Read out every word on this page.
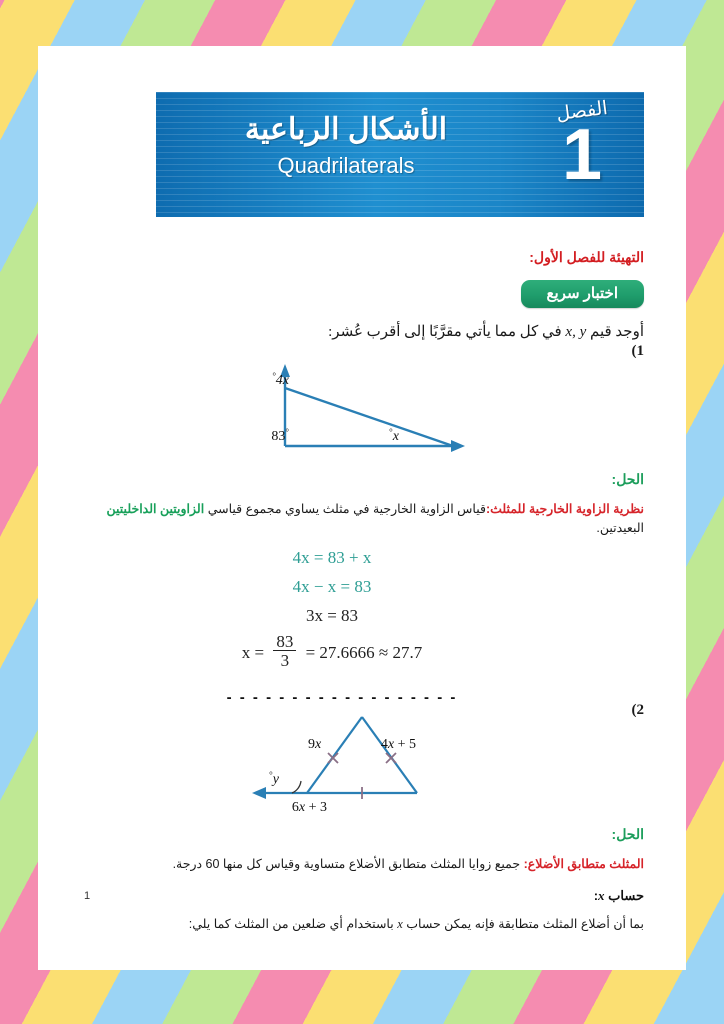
الأشكال الرباعية
Quadrilaterals
الفصل
1
التهيئة للفصل الأول:
اختبار سريع
أوجد قيم x, y في كل مما يأتي مقرَّبًا إلى أقرب عُشر:
(1
4x°
83°	x°
الحل:
نظرية الزاوية الخارجية للمثلث:قياس الزاوية الخارجية في مثلث يساوي مجموع قياسي الزاويتين الداخليتين البعيدتين.
4x = 83 + x
4x − x = 83
3x = 83
$x = \frac{83}{3} = 27.6666 \approx 27.7$
- - - - - - - - - - - - - - - - - -
(2
9x	4x + 5
6x + 3
y°
الحل:
المثلث متطابق الأضلاع: جميع زوايا المثلث متطابق الأضلاع متساوية وقياس كل منها 60 درجة.
حساب x:
بما أن أضلاع المثلث متطابقة فإنه يمكن حساب x باستخدام أي ضلعين من المثلث كما يلي:
1
